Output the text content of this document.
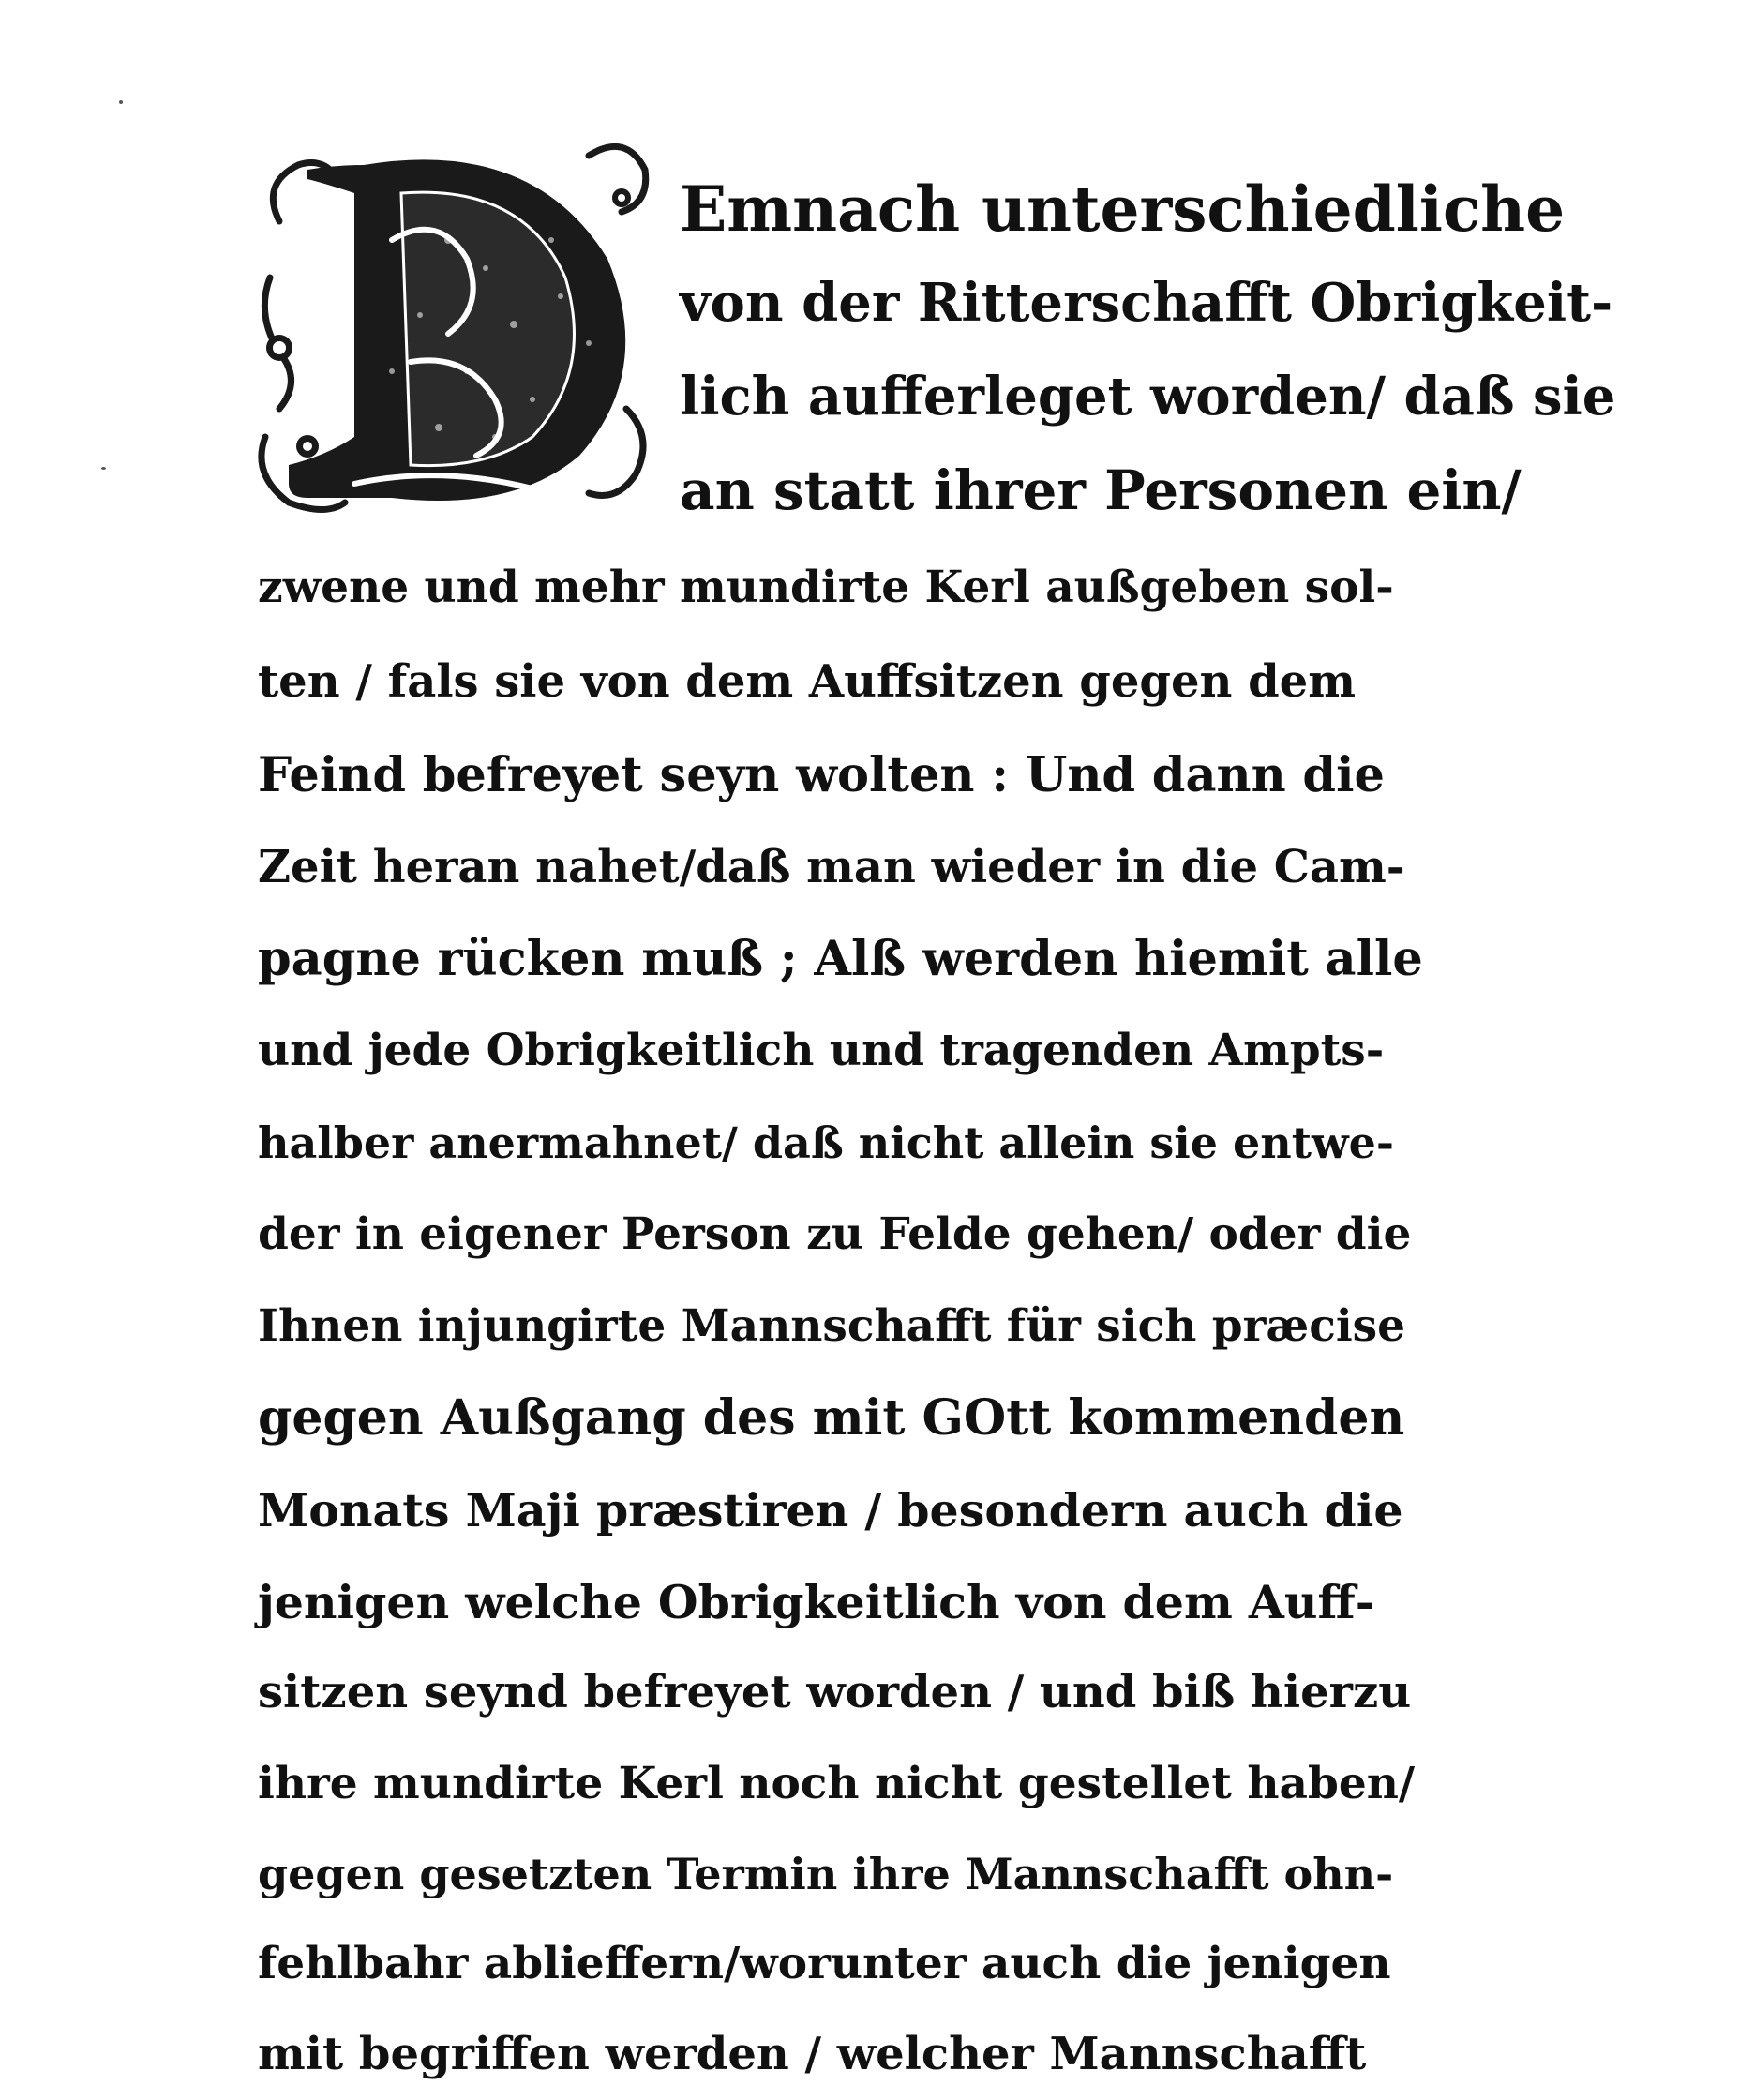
Emnach unterschiedliche
von der Ritterschafft Obrigkeit-
lich aufferleget worden/ daß sie
an statt ihrer Personen ein/
zwene und mehr mundirte Kerl außgeben sol-
ten / fals sie von dem Auffsitzen gegen dem
Feind befreyet seyn wolten : Und dann die
Zeit heran nahet/daß man wieder in die Cam-
pagne rücken muß ; Alß werden hiemit alle
und jede Obrigkeitlich und tragenden Ampts-
halber anermahnet/ daß nicht allein sie entwe-
der in eigener Person zu Felde gehen/ oder die
Ihnen injungirte Mannschafft für sich præcise
gegen Außgang des mit GOtt kommenden
Monats Maji præstiren / besondern auch die
jenigen welche Obrigkeitlich von dem Auff-
sitzen seynd befreyet worden / und biß hierzu
ihre mundirte Kerl noch nicht gestellet haben/
gegen gesetzten Termin ihre Mannschafft ohn-
fehlbahr ablieffern/worunter auch die jenigen
mit begriffen werden / welcher Mannschafft
